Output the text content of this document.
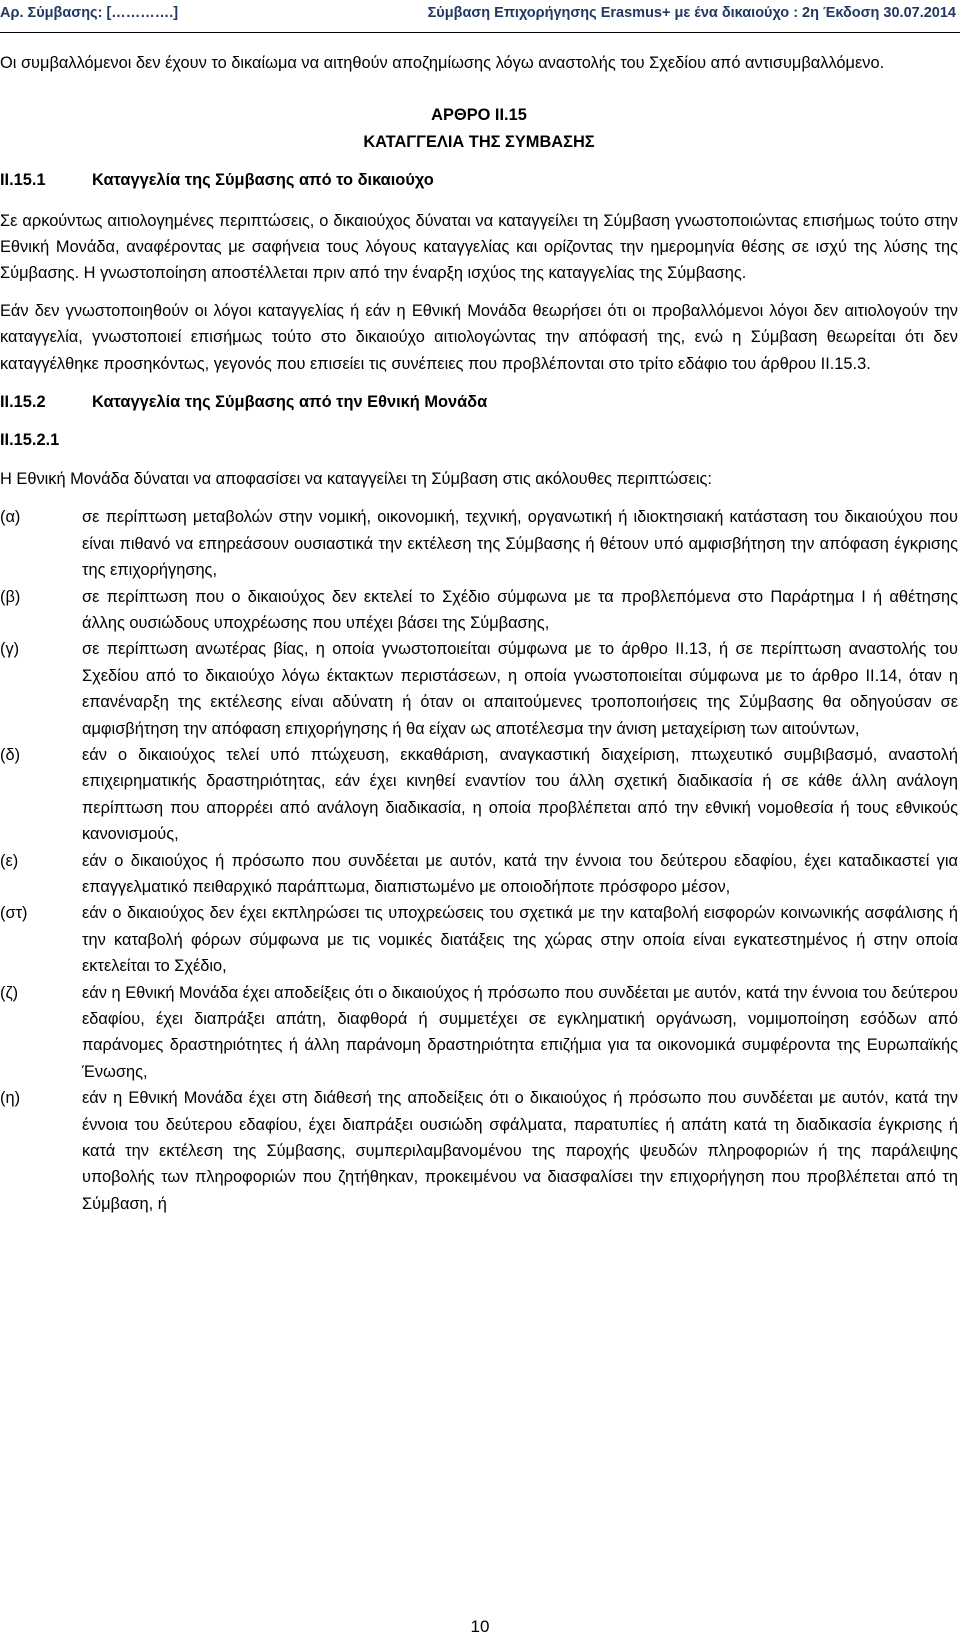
Αρ. Σύμβασης: [………….]	Σύμβαση Επιχορήγησης Erasmus+ με ένα δικαιούχο : 2η Έκδοση 30.07.2014

Οι συμβαλλόμενοι δεν έχουν το δικαίωμα να αιτηθούν αποζημίωσης λόγω αναστολής του Σχεδίου από αντισυμβαλλόμενο.

ΑΡΘΡΟ ΙΙ.15
ΚΑΤΑΓΓΕΛΙΑ ΤΗΣ ΣΥΜΒΑΣΗΣ
ΙΙ.15.1	Καταγγελία της Σύμβασης από το δικαιούχο

Σε αρκούντως αιτιολογημένες περιπτώσεις, ο δικαιούχος δύναται να καταγγείλει τη Σύμβαση γνωστοποιώντας επισήμως τούτο στην Εθνική Μονάδα, αναφέροντας με σαφήνεια τους λόγους καταγγελίας και ορίζοντας την ημερομηνία θέσης σε ισχύ της λύσης της Σύμβασης. Η γνωστοποίηση αποστέλλεται πριν από την έναρξη ισχύος της καταγγελίας της Σύμβασης.

Εάν δεν γνωστοποιηθούν οι λόγοι καταγγελίας ή εάν η Εθνική Μονάδα θεωρήσει ότι οι προβαλλόμενοι λόγοι δεν αιτιολογούν την καταγγελία, γνωστοποιεί επισήμως τούτο στο δικαιούχο αιτιολογώντας την απόφασή της, ενώ η Σύμβαση θεωρείται ότι δεν καταγγέλθηκε προσηκόντως, γεγονός που επισείει τις συνέπειες που προβλέπονται στο τρίτο εδάφιο του άρθρου ΙΙ.15.3.

ΙΙ.15.2	Καταγγελία της Σύμβασης από την Εθνική Μονάδα
ΙΙ.15.2.1

Η Εθνική Μονάδα δύναται να αποφασίσει να καταγγείλει τη Σύμβαση στις ακόλουθες περιπτώσεις:

(α)	σε περίπτωση μεταβολών στην νομική, οικονομική, τεχνική, οργανωτική ή ιδιοκτησιακή κατάσταση του δικαιούχου που είναι πιθανό να επηρεάσουν ουσιαστικά την εκτέλεση της Σύμβασης ή θέτουν υπό αμφισβήτηση την απόφαση έγκρισης της επιχορήγησης,
(β)	σε περίπτωση που ο δικαιούχος δεν εκτελεί το Σχέδιο σύμφωνα με τα προβλεπόμενα στο Παράρτημα Ι ή αθέτησης άλλης ουσιώδους υποχρέωσης που υπέχει βάσει της Σύμβασης,
(γ)	σε περίπτωση ανωτέρας βίας, η οποία γνωστοποιείται σύμφωνα με το άρθρο ΙΙ.13, ή σε περίπτωση αναστολής του Σχεδίου από το δικαιούχο λόγω έκτακτων περιστάσεων, η οποία γνωστοποιείται σύμφωνα με το άρθρο ΙΙ.14, όταν η επανέναρξη της εκτέλεσης είναι αδύνατη ή όταν οι απαιτούμενες τροποποιήσεις της Σύμβασης θα οδηγούσαν σε αμφισβήτηση την απόφαση επιχορήγησης ή θα είχαν ως αποτέλεσμα την άνιση μεταχείριση των αιτούντων,
(δ)	εάν ο δικαιούχος τελεί υπό πτώχευση, εκκαθάριση, αναγκαστική διαχείριση, πτωχευτικό συμβιβασμό, αναστολή επιχειρηματικής δραστηριότητας, εάν έχει κινηθεί εναντίον του άλλη σχετική διαδικασία ή σε κάθε άλλη ανάλογη περίπτωση που απορρέει από ανάλογη διαδικασία, η οποία προβλέπεται από την εθνική νομοθεσία ή τους εθνικούς κανονισμούς,
(ε)	εάν ο δικαιούχος ή πρόσωπο που συνδέεται με αυτόν, κατά την έννοια του δεύτερου εδαφίου, έχει καταδικαστεί για επαγγελματικό πειθαρχικό παράπτωμα, διαπιστωμένο με οποιοδήποτε πρόσφορο μέσον,
(στ)	εάν ο δικαιούχος δεν έχει εκπληρώσει τις υποχρεώσεις του σχετικά με την καταβολή εισφορών κοινωνικής ασφάλισης ή την καταβολή φόρων σύμφωνα με τις νομικές διατάξεις της χώρας στην οποία είναι εγκατεστημένος ή στην οποία εκτελείται το Σχέδιο,
(ζ)	εάν η Εθνική Μονάδα έχει αποδείξεις ότι ο δικαιούχος ή πρόσωπο που συνδέεται με αυτόν, κατά την έννοια του δεύτερου εδαφίου, έχει διαπράξει απάτη, διαφθορά ή συμμετέχει σε εγκληματική οργάνωση, νομιμοποίηση εσόδων από παράνομες δραστηριότητες ή άλλη παράνομη δραστηριότητα επιζήμια για τα οικονομικά συμφέροντα της Ευρωπαϊκής Ένωσης,
(η)	εάν η Εθνική Μονάδα έχει στη διάθεσή της αποδείξεις ότι ο δικαιούχος ή πρόσωπο που συνδέεται με αυτόν, κατά την έννοια του δεύτερου εδαφίου, έχει διαπράξει ουσιώδη σφάλματα, παρατυπίες ή απάτη κατά τη διαδικασία έγκρισης ή κατά την εκτέλεση της Σύμβασης, συμπεριλαμβανομένου της παροχής ψευδών πληροφοριών ή της παράλειψης υποβολής των πληροφοριών που ζητήθηκαν, προκειμένου να διασφαλίσει την επιχορήγηση που προβλέπεται από τη Σύμβαση, ή
10
